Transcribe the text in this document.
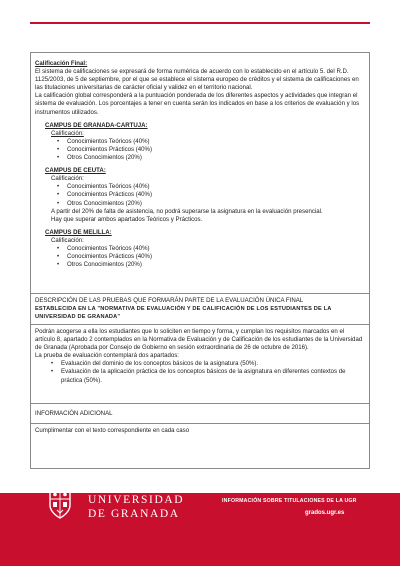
Calificación Final:

El sistema de calificaciones se expresará de forma numérica de acuerdo con lo establecido en el artículo 5. del R.D. 1125/2003, de 5 de septiembre, por el que se establece el sistema europeo de créditos y el sistema de calificaciones en las titulaciones universitarias de carácter oficial y validez en el territorio nacional.

La calificación global corresponderá a la puntuación ponderada de los diferentes aspectos y actividades que integran el sistema de evaluación. Los porcentajes a tener en cuenta serán los indicados en base a los criterios de evaluación y los instrumentos utilizados.

CAMPUS DE GRANADA-CARTUJA:

Calificación:

• Conocimientos Teóricos (40%)

• Conocimientos Prácticos (40%)

• Otros Conocimientos (20%)

CAMPUS DE CEUTA:

Calificación:

• Conocimientos Teóricos (40%)

• Conocimientos Prácticos (40%)

• Otros Conocimientos (20%)

A partir del 20% de falta de asistencia, no podrá superarse la asignatura en la evaluación presencial.

Hay que superar ambos apartados Teóricos y Prácticos.

CAMPUS DE MELILLA:

Calificación:

• Conocimientos Teóricos (40%)

• Conocimientos Prácticos (40%)

• Otros Conocimientos (20%)

DESCRIPCIÓN DE LAS PRUEBAS QUE FORMARÁN PARTE DE LA EVALUACIÓN ÚNICA FINAL

ESTABLECIDA EN LA "NORMATIVA DE EVALUACIÓN Y DE CALIFICACIÓN DE LOS ESTUDIANTES DE LA UNIVERSIDAD DE GRANADA"

Podrán acogerse a ella los estudiantes que lo soliciten en tiempo y forma, y cumplan los requisitos marcados en el artículo 8, apartado 2 contemplados en la Normativa de Evaluación y de Calificación de los estudiantes de la Universidad de Granada (Aprobada por Consejo de Gobierno en sesión extraordinaria de 26 de octubre de 2016).

La prueba de evaluación contemplará dos apartados:

• Evaluación del dominio de los conceptos básicos de la asignatura (50%).

• Evaluación de la aplicación práctica de los conceptos básicos de la asignatura en diferentes contextos de práctica (50%).

INFORMACIÓN ADICIONAL

Cumplimentar con el texto correspondiente en cada caso

UNIVERSIDAD
DE GRANADA
Página 6
INFORMACIÓN SOBRE TITULACIONES DE LA UGR
grados.ugr.es
